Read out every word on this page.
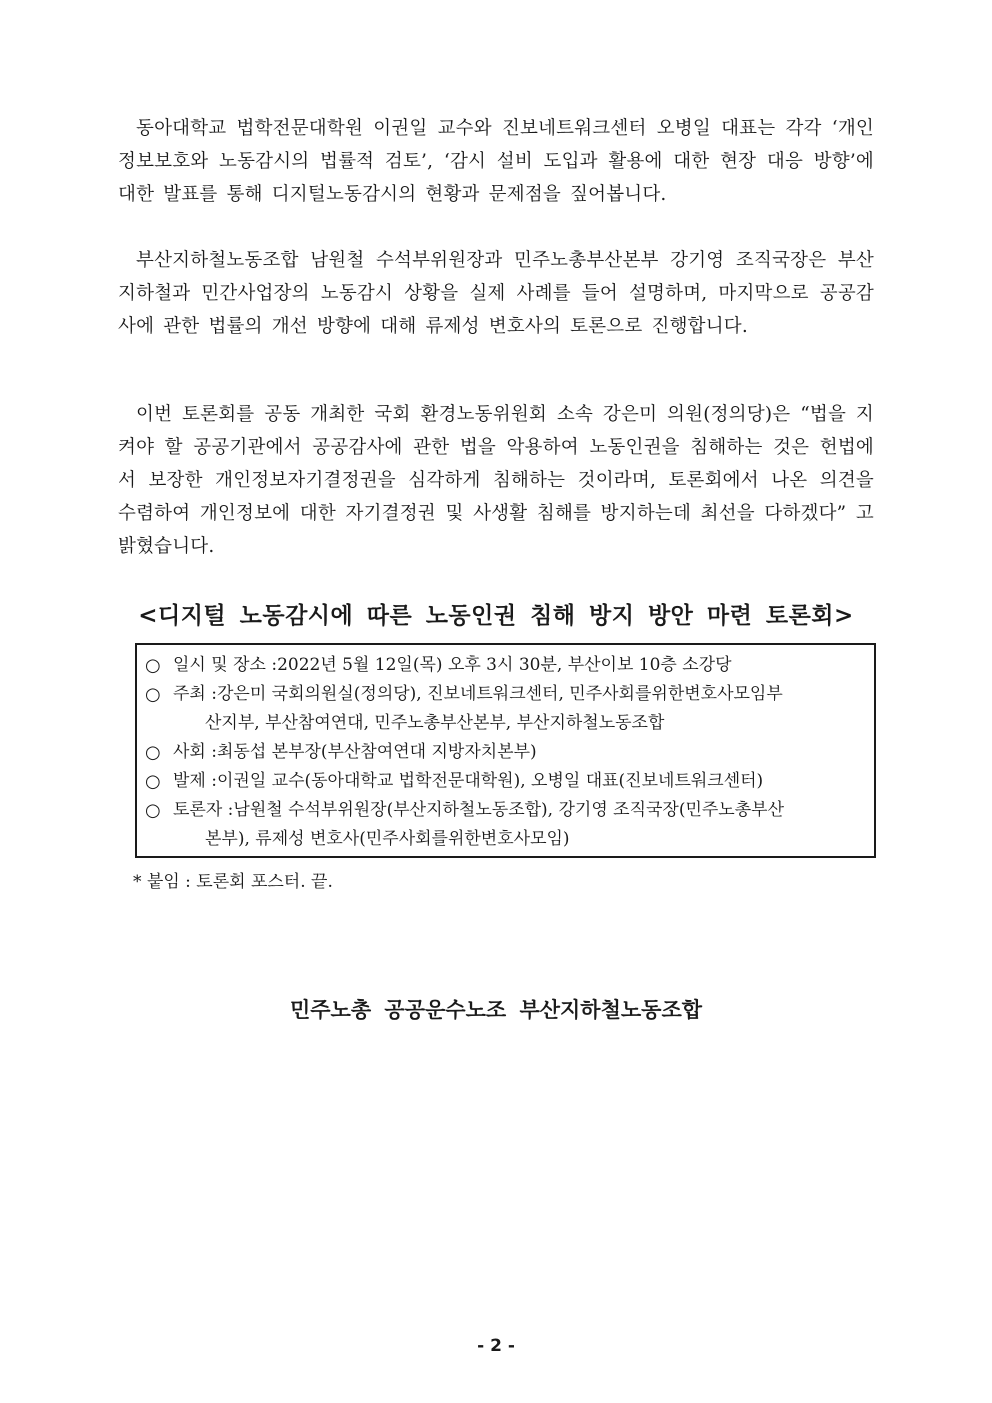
동아대학교 법학전문대학원 이권일 교수와 진보네트워크센터 오병일 대표는 각각 ‘개인정보보호와 노동감시의 법률적 검토’, ‘감시 설비 도입과 활용에 대한 현장 대응 방향’에 대한 발표를 통해 디지털노동감시의 현황과 문제점을 짚어봅니다.
부산지하철노동조합 남원철 수석부위원장과 민주노총부산본부 강기영 조직국장은 부산지하철과 민간사업장의 노동감시 상황을 실제 사례를 들어 설명하며, 마지막으로 공공감사에 관한 법률의 개선 방향에 대해 류제성 변호사의 토론으로 진행합니다.
이번 토론회를 공동 개최한 국회 환경노동위원회 소속 강은미 의원(정의당)은 “법을 지켜야 할 공공기관에서 공공감사에 관한 법을 악용하여 노동인권을 침해하는 것은 헌법에서 보장한 개인정보자기결정권을 심각하게 침해하는 것이라며, 토론회에서 나온 의견을 수렴하여 개인정보에 대한 자기결정권 및 사생활 침해를 방지하는데 최선을 다하겠다” 고 밝혔습니다.
<디지털 노동감시에 따른 노동인권 침해 방지 방안 마련 토론회>
○ 일시 및 장소 : 2022년 5월 12일(목) 오후 3시 30분, 부산이보 10층 소강당
○ 주최 : 강은미 국회의원실(정의당), 진보네트워크센터, 민주사회를위한변호사모임부
산지부, 부산참여연대, 민주노총부산본부, 부산지하철노동조합
○ 사회 : 최동섭 본부장(부산참여연대 지방자치본부)
○ 발제 : 이권일 교수(동아대학교 법학전문대학원), 오병일 대표(진보네트워크센터)
○ 토론자 : 남원철 수석부위원장(부산지하철노동조합), 강기영 조직국장(민주노총부산
본부), 류제성 변호사(민주사회를위한변호사모임)
* 붙임 : 토론회 포스터. 끝.
민주노총 공공운수노조 부산지하철노동조합
- 2 -
